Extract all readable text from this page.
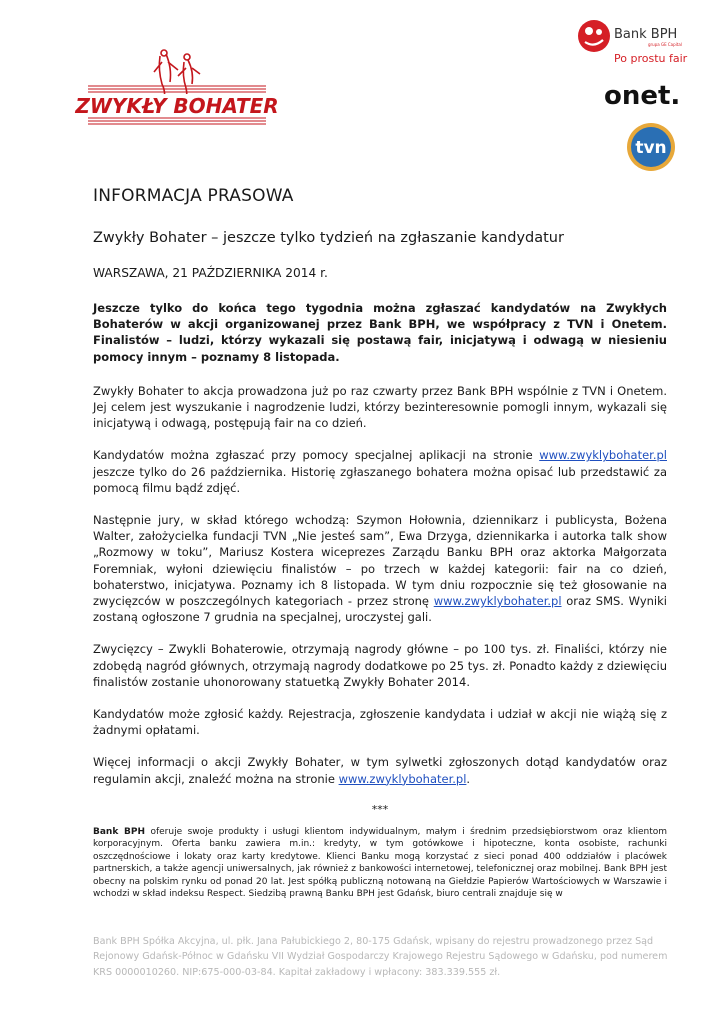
ZWYKŁY BOHATER
Bank BPH
grupa GE Capital
Po prostu fair
onet.
tvn
INFORMACJA PRASOWA
Zwykły Bohater – jeszcze tylko tydzień na zgłaszanie kandydatur

WARSZAWA, 21 PAŹDZIERNIKA 2014 r.

Jeszcze tylko do końca tego tygodnia można zgłaszać kandydatów na Zwykłych Bohaterów w akcji organizowanej przez Bank BPH, we współpracy z TVN i Onetem. Finalistów – ludzi, którzy wykazali się postawą fair, inicjatywą i odwagą w niesieniu pomocy innym – poznamy 8 listopada.

Zwykły Bohater to akcja prowadzona już po raz czwarty przez Bank BPH wspólnie z TVN i Onetem. Jej celem jest wyszukanie i nagrodzenie ludzi, którzy bezinteresownie pomogli innym, wykazali się inicjatywą i odwagą, postępują fair na co dzień.

Kandydatów można zgłaszać przy pomocy specjalnej aplikacji na stronie www.zwyklybohater.pl jeszcze tylko do 26 października. Historię zgłaszanego bohatera można opisać lub przedstawić za pomocą filmu bądź zdjęć.

Następnie jury, w skład którego wchodzą: Szymon Hołownia, dziennikarz i publicysta, Bożena Walter, założycielka fundacji TVN „Nie jesteś sam”, Ewa Drzyga, dziennikarka i autorka talk show „Rozmowy w toku”, Mariusz Kostera wiceprezes Zarządu Banku BPH oraz aktorka Małgorzata Foremniak, wyłoni dziewięciu finalistów – po trzech w każdej kategorii: fair na co dzień, bohaterstwo, inicjatywa. Poznamy ich 8 listopada. W tym dniu rozpocznie się też głosowanie na zwycięzców w poszczególnych kategoriach - przez stronę www.zwyklybohater.pl oraz SMS. Wyniki zostaną ogłoszone 7 grudnia na specjalnej, uroczystej gali.

Zwycięzcy – Zwykli Bohaterowie, otrzymają nagrody główne – po 100 tys. zł. Finaliści, którzy nie zdobędą nagród głównych, otrzymają nagrody dodatkowe po 25 tys. zł. Ponadto każdy z dziewięciu finalistów zostanie uhonorowany statuetką Zwykły Bohater 2014.

Kandydatów może zgłosić każdy. Rejestracja, zgłoszenie kandydata i udział w akcji nie wiążą się z żadnymi opłatami.

Więcej informacji o akcji Zwykły Bohater, w tym sylwetki zgłoszonych dotąd kandydatów oraz regulamin akcji, znaleźć można na stronie www.zwyklybohater.pl.

***

Bank BPH oferuje swoje produkty i usługi klientom indywidualnym, małym i średnim przedsiębiorstwom oraz klientom korporacyjnym. Oferta banku zawiera m.in.: kredyty, w tym gotówkowe i hipoteczne, konta osobiste, rachunki oszczędnościowe i lokaty oraz karty kredytowe. Klienci Banku mogą korzystać z sieci ponad 400 oddziałów i placówek partnerskich, a także agencji uniwersalnych, jak również z bankowości internetowej, telefonicznej oraz mobilnej. Bank BPH jest obecny na polskim rynku od ponad 20 lat. Jest spółką publiczną notowaną na Giełdzie Papierów Wartościowych w Warszawie i wchodzi w skład indeksu Respect. Siedzibą prawną Banku BPH jest Gdańsk, biuro centrali znajduje się w

Bank BPH Spółka Akcyjna, ul. płk. Jana Pałubickiego 2, 80-175 Gdańsk, wpisany do rejestru prowadzonego przez Sąd
Rejonowy Gdańsk-Północ w Gdańsku VII Wydział Gospodarczy Krajowego Rejestru Sądowego w Gdańsku, pod numerem
KRS 0000010260. NIP:675-000-03-84. Kapitał zakładowy i wpłacony: 383.339.555 zł.
